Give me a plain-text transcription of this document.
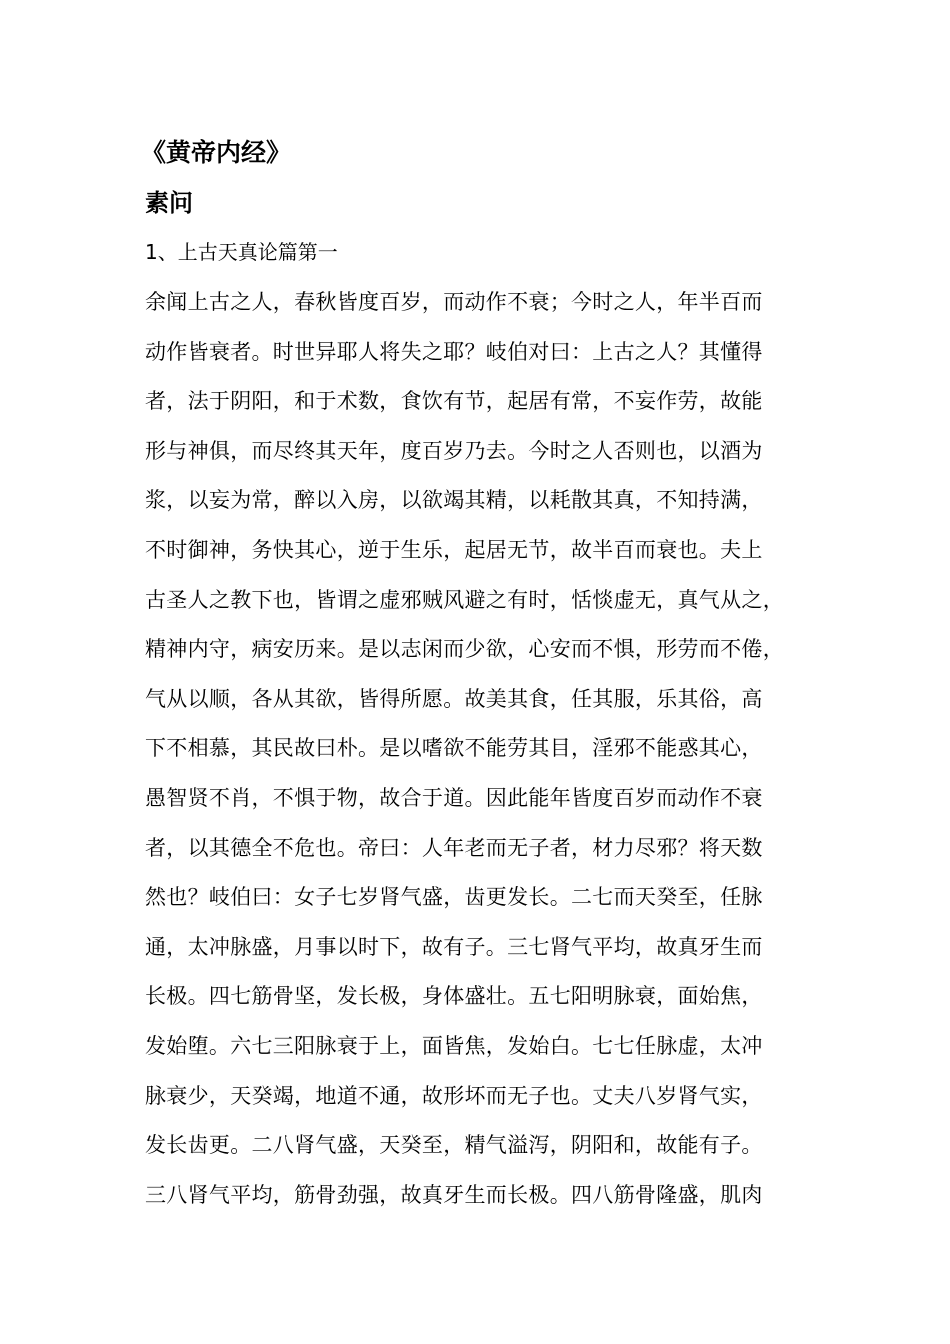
《黄帝内经》
素问
1、上古天真论篇第一
余闻上古之人，春秋皆度百岁，而动作不衰；今时之人，年半百而
动作皆衰者。时世异耶人将失之耶？岐伯对曰：上古之人？其懂得
者，法于阴阳，和于术数，食饮有节，起居有常，不妄作劳，故能
形与神俱，而尽终其天年，度百岁乃去。今时之人否则也，以酒为
浆，以妄为常，醉以入房，以欲竭其精，以耗散其真，不知持满，
不时御神，务快其心，逆于生乐，起居无节，故半百而衰也。夫上
古圣人之教下也，皆谓之虚邪贼风避之有时，恬惔虚无，真气从之，
精神内守，病安历来。是以志闲而少欲，心安而不惧，形劳而不倦，
气从以顺，各从其欲，皆得所愿。故美其食，任其服，乐其俗，高
下不相慕，其民故曰朴。是以嗜欲不能劳其目，淫邪不能惑其心，
愚智贤不肖，不惧于物，故合于道。因此能年皆度百岁而动作不衰
者，以其德全不危也。帝曰：人年老而无子者，材力尽邪？将天数
然也？岐伯曰：女子七岁肾气盛，齿更发长。二七而天癸至，任脉
通，太冲脉盛，月事以时下，故有子。三七肾气平均，故真牙生而
长极。四七筋骨坚，发长极，身体盛壮。五七阳明脉衰，面始焦，
发始堕。六七三阳脉衰于上，面皆焦，发始白。七七任脉虚，太冲
脉衰少，天癸竭，地道不通，故形坏而无子也。丈夫八岁肾气实，
发长齿更。二八肾气盛，天癸至，精气溢泻，阴阳和，故能有子。
三八肾气平均，筋骨劲强，故真牙生而长极。四八筋骨隆盛，肌肉
